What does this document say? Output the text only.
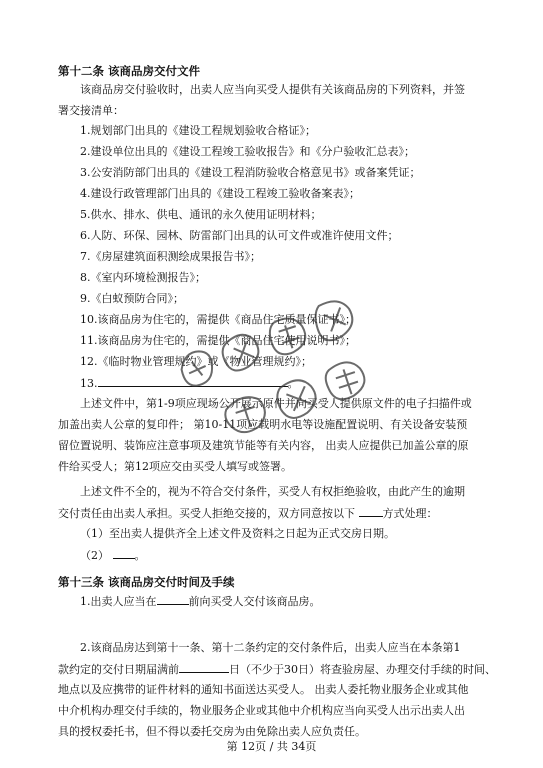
第十二条 该商品房交付文件
该商品房交付验收时，出卖人应当向买受人提供有关该商品房的下列资料，并签
署交接清单：
1.规划部门出具的《建设工程规划验收合格证》；
2.建设单位出具的《建设工程竣工验收报告》和《分户验收汇总表》；
3.公安消防部门出具的《建设工程消防验收合格意见书》或备案凭证；
4.建设行政管理部门出具的《建设工程竣工验收备案表》；
5.供水、排水、供电、通讯的永久使用证明材料；
6.人防、环保、园林、防雷部门出具的认可文件或准许使用文件；
7.《房屋建筑面积测绘成果报告书》；
8.《室内环境检测报告》；
9.《白蚁预防合同》；
10.该商品房为住宅的，需提供《商品住宅质量保证书》；
11.该商品房为住宅的，需提供《商品住宅使用说明书》；
12.《临时物业管理规约》或《物业管理规约》；
13.	。
上述文件中，第1-9项应现场公开展示原件并向买受人提供原文件的电子扫描件或
加盖出卖人公章的复印件； 第10-11项应载明水电等设施配置说明、有关设备安装预
留位置说明、装饰应注意事项及建筑节能等有关内容， 出卖人应提供已加盖公章的原
件给买受人；第12项应交由买受人填写或签署。
上述文件不全的，视为不符合交付条件，买受人有权拒绝验收，由此产生的逾期
交付责任由出卖人承担。买受人拒绝交接的，双方同意按以下	方式处理：
（1）至出卖人提供齐全上述文件及资料之日起为正式交房日期。
（2） 。
第十三条 该商品房交付时间及手续
1.出卖人应当在	前向买受人交付该商品房。
2.该商品房达到第十一条、第十二条约定的交付条件后，出卖人应当在本条第1
款约定的交付日期届满前	日（不少于30日）将查验房屋、办理交付手续的时间、
地点以及应携带的证件材料的通知书面送达买受人。 出卖人委托物业服务企业或其他
中介机构办理交付手续的，物业服务企业或其他中介机构应当向买受人出示出卖人出
具的授权委托书，但不得以委托交房为由免除出卖人应负责任。
第 12页 / 共 34页
